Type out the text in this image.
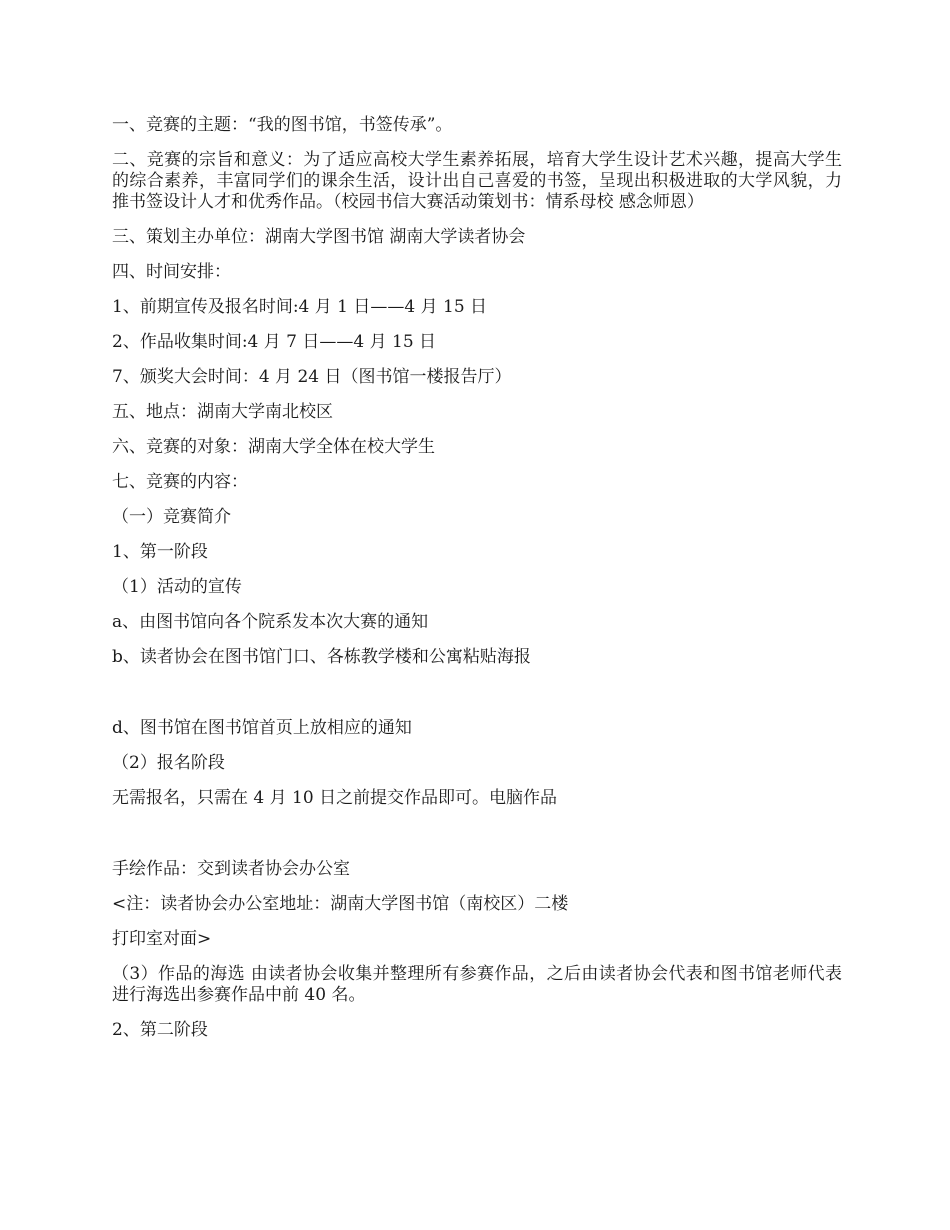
一、竞赛的主题：“我的图书馆，书签传承”。

二、竞赛的宗旨和意义：为了适应高校大学生素养拓展，培育大学生设计艺术兴趣，提高大学生的综合素养，丰富同学们的课余生活，设计出自己喜爱的书签，呈现出积极进取的大学风貌，力推书签设计人才和优秀作品。（校园书信大赛活动策划书：情系母校 感念师恩）

三、策划主办单位：湖南大学图书馆 湖南大学读者协会

四、时间安排：

1、前期宣传及报名时间:4 月 1 日——4 月 15 日

2、作品收集时间:4 月 7 日——4 月 15 日

7、颁奖大会时间：4 月 24 日（图书馆一楼报告厅）

五、地点：湖南大学南北校区

六、竞赛的对象：湖南大学全体在校大学生

七、竞赛的内容：

（一）竞赛简介

1、第一阶段

（1）活动的宣传

a、由图书馆向各个院系发本次大赛的通知

b、读者协会在图书馆门口、各栋教学楼和公寓粘贴海报

d、图书馆在图书馆首页上放相应的通知

（2）报名阶段

无需报名，只需在 4 月 10 日之前提交作品即可。电脑作品

手绘作品：交到读者协会办公室

<注：读者协会办公室地址：湖南大学图书馆（南校区）二楼

打印室对面>

（3）作品的海选 由读者协会收集并整理所有参赛作品，之后由读者协会代表和图书馆老师代表进行海选出参赛作品中前 40 名。

2、第二阶段
